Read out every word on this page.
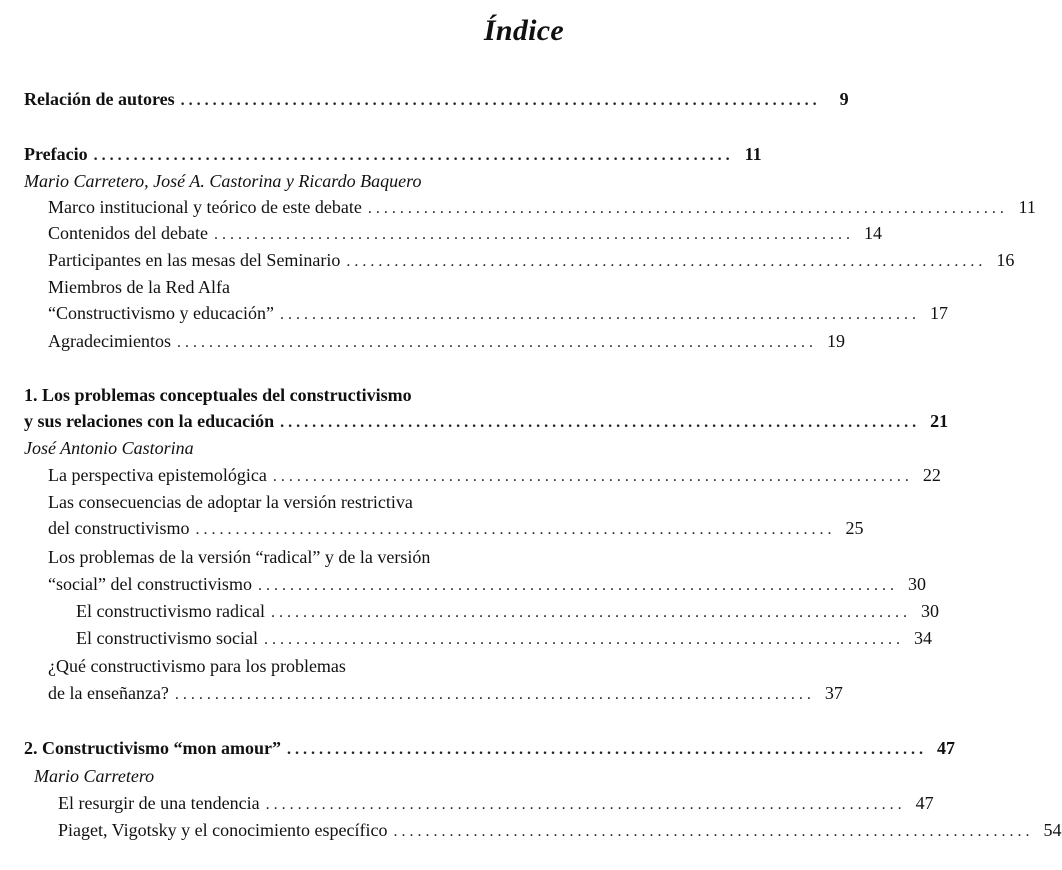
Índice
Relación de autores ................................................................................	9
Prefacio ................................................................................ 11
Mario Carretero, José A. Castorina y Ricardo Baquero
Marco institucional y teórico de este debate ................................................................................ 11
Contenidos del debate ................................................................................ 14
Participantes en las mesas del Seminario ................................................................................ 16
Miembros de la Red Alfa
“Constructivismo y educación” ................................................................................ 17
Agradecimientos ................................................................................ 19
1. Los problemas conceptuales del constructivismo
y sus relaciones con la educación ................................................................................ 21
José Antonio Castorina
La perspectiva epistemológica ................................................................................ 22
Las consecuencias de adoptar la versión restrictiva
del constructivismo ................................................................................ 25
Los problemas de la versión “radical” y de la versión
“social” del constructivismo ................................................................................ 30
El constructivismo radical ................................................................................ 30
El constructivismo social ................................................................................ 34
¿Qué constructivismo para los problemas
de la enseñanza? ................................................................................ 37
2. Constructivismo “mon amour” ................................................................................ 47
Mario Carretero
El resurgir de una tendencia ................................................................................ 47
Piaget, Vigotsky y el conocimiento específico ................................................................................ 54
